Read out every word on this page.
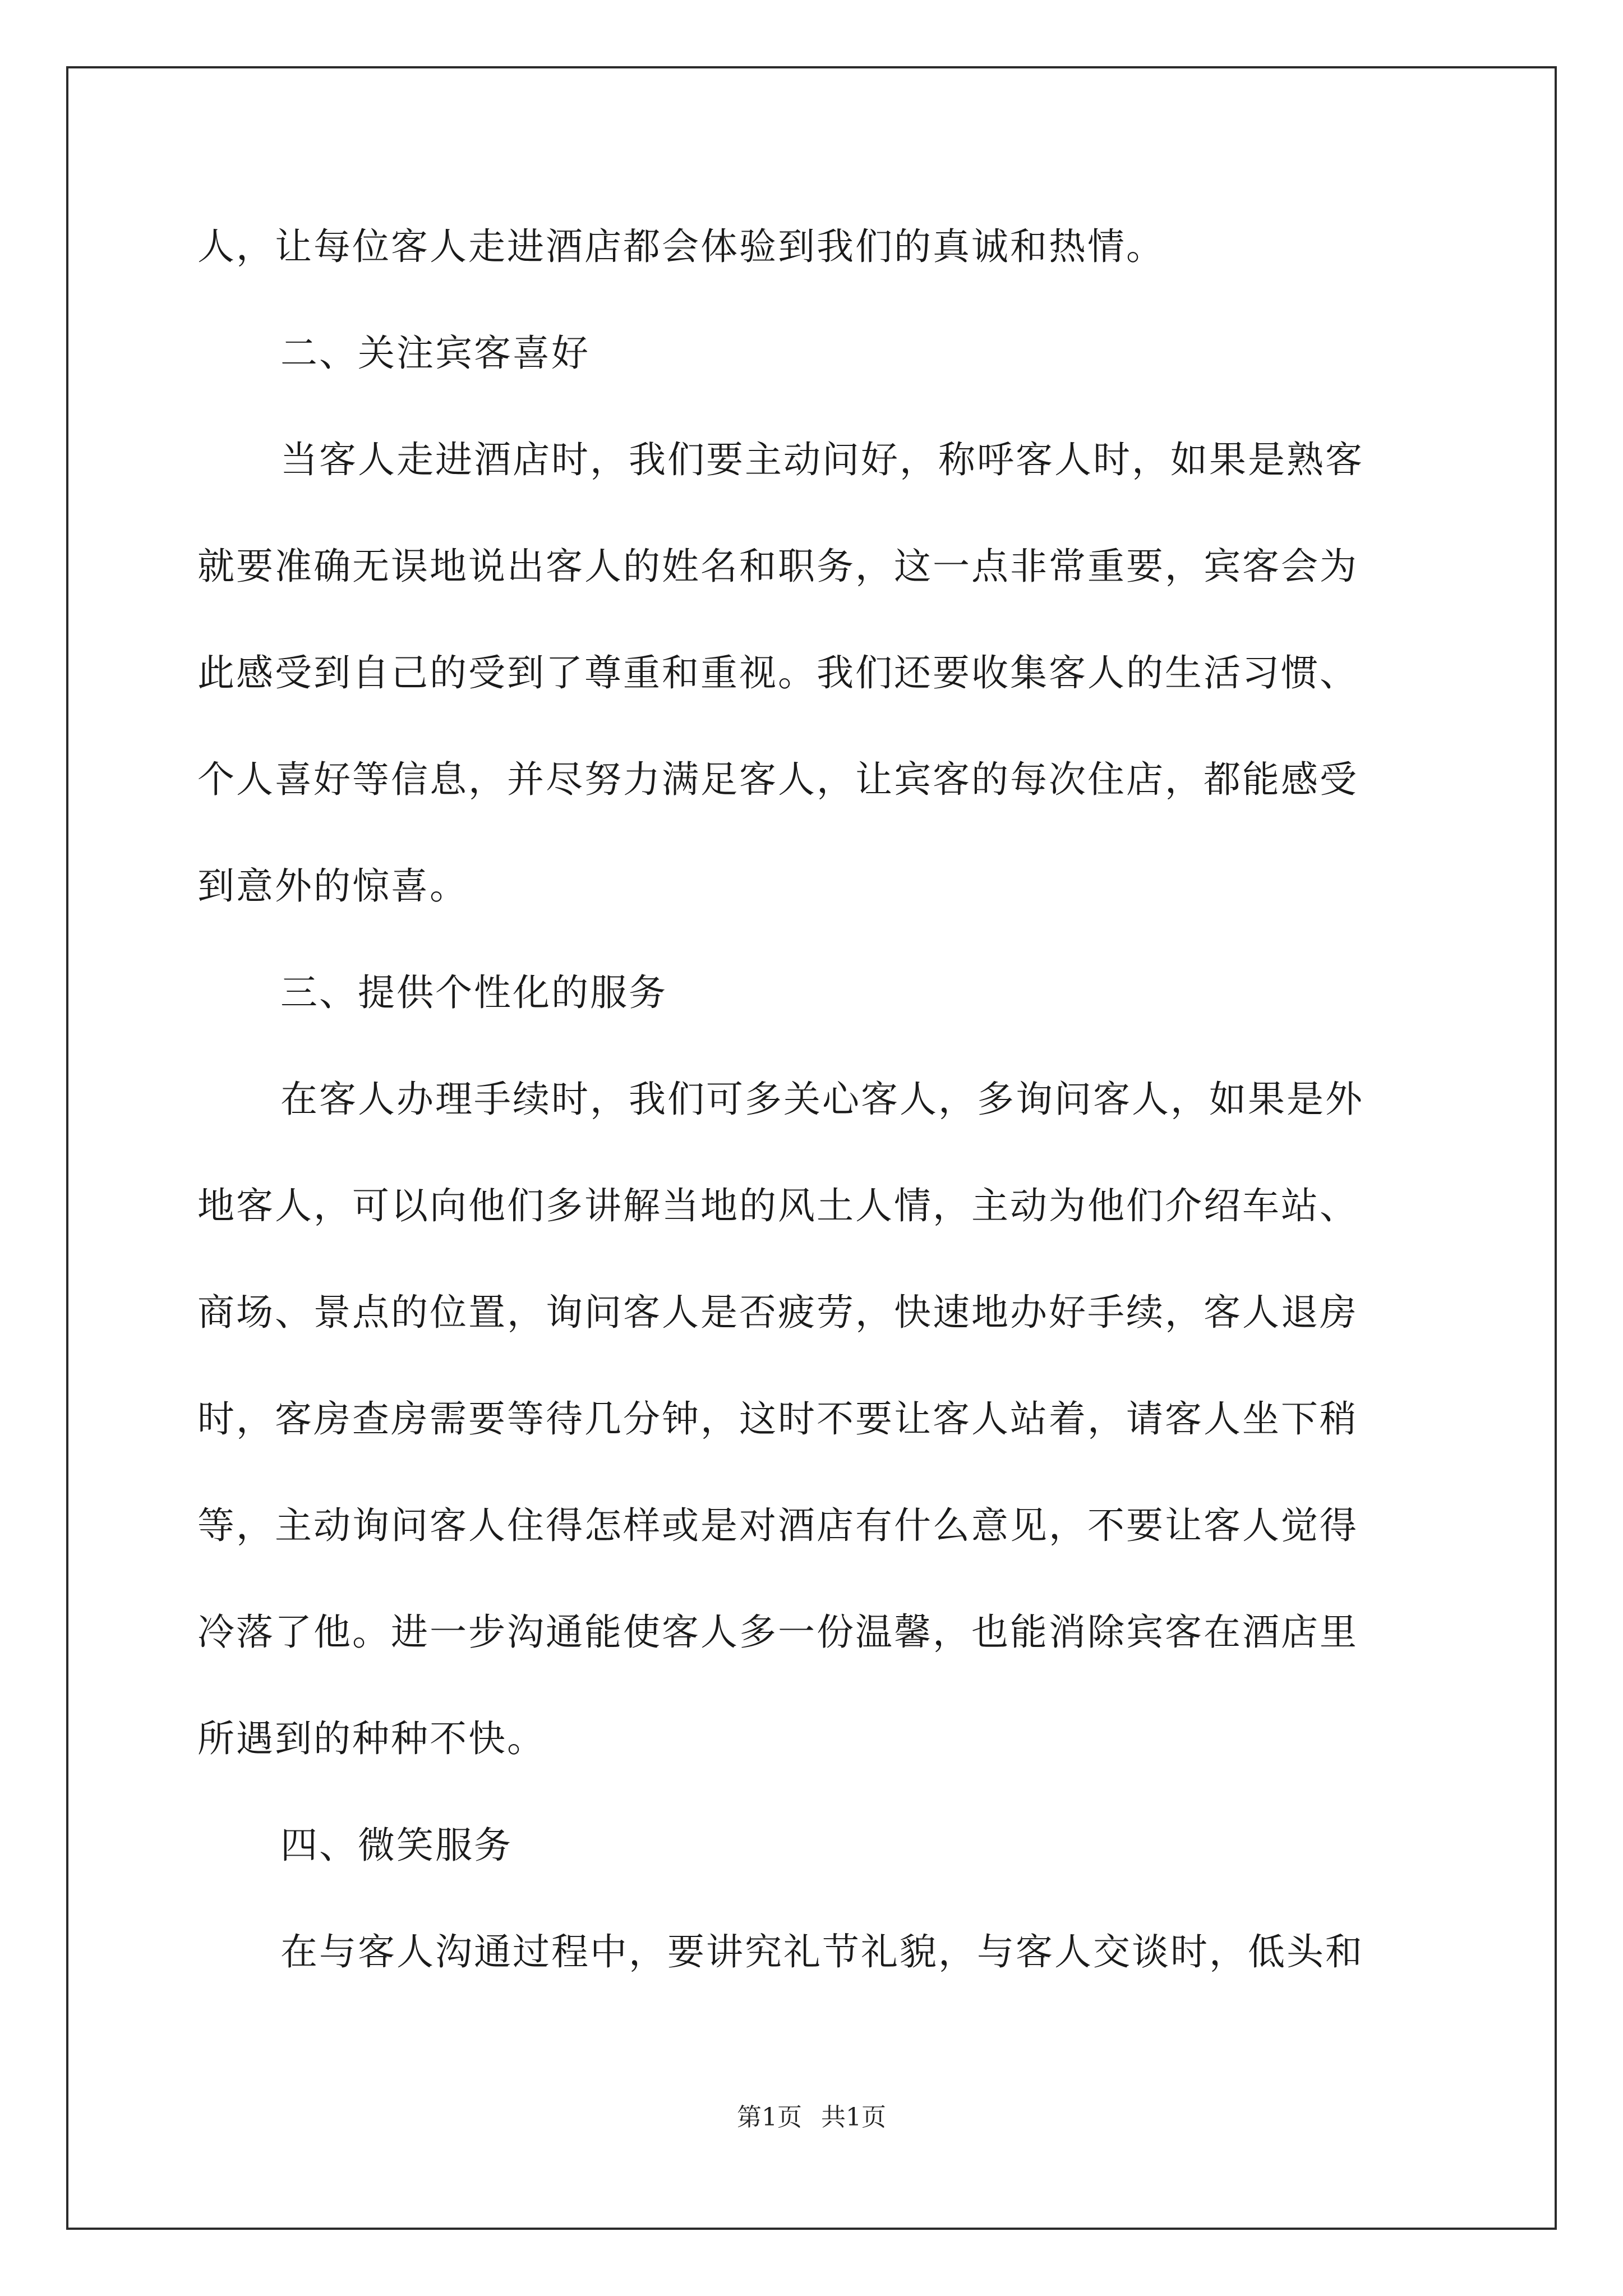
人，让每位客人走进酒店都会体验到我们的真诚和热情。
二、关注宾客喜好
当客人走进酒店时，我们要主动问好，称呼客人时，如果是熟客
就要准确无误地说出客人的姓名和职务，这一点非常重要，宾客会为
此感受到自己的受到了尊重和重视。我们还要收集客人的生活习惯、
个人喜好等信息，并尽努力满足客人，让宾客的每次住店，都能感受
到意外的惊喜。
三、提供个性化的服务
在客人办理手续时，我们可多关心客人，多询问客人，如果是外
地客人，可以向他们多讲解当地的风土人情，主动为他们介绍车站、
商场、景点的位置，询问客人是否疲劳，快速地办好手续，客人退房
时，客房查房需要等待几分钟，这时不要让客人站着，请客人坐下稍
等，主动询问客人住得怎样或是对酒店有什么意见，不要让客人觉得
冷落了他。进一步沟通能使客人多一份温馨，也能消除宾客在酒店里
所遇到的种种不快。
四、微笑服务
在与客人沟通过程中，要讲究礼节礼貌，与客人交谈时，低头和
第1页 共1页
